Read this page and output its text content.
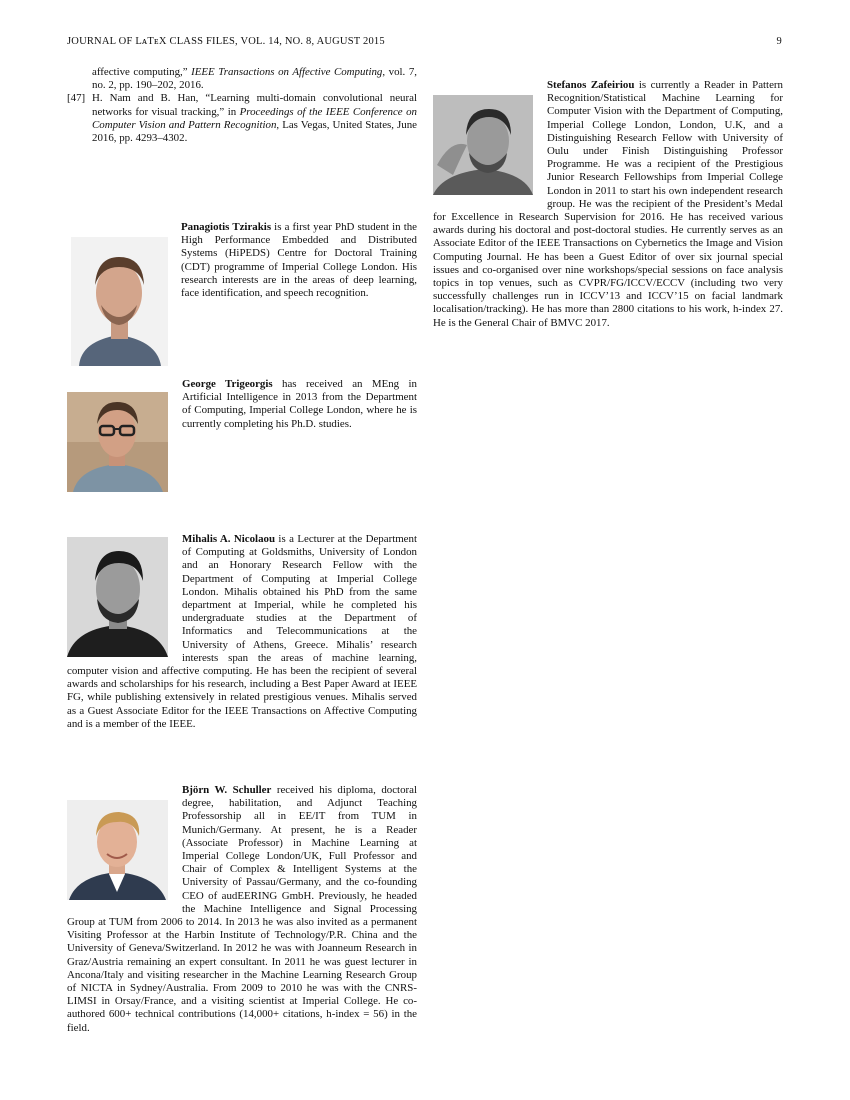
JOURNAL OF LᴀTᴇX CLASS FILES, VOL. 14, NO. 8, AUGUST 2015	9
affective computing,” IEEE Transactions on Affective Computing, vol. 7, no. 2, pp. 190–202, 2016.
[47] H. Nam and B. Han, “Learning multi-domain convolutional neural networks for visual tracking,” in Proceedings of the IEEE Conference on Computer Vision and Pattern Recognition, Las Vegas, United States, June 2016, pp. 4293–4302.

Panagiotis Tzirakis is a first year PhD student in the High Performance Embedded and Distributed Systems (HiPEDS) Centre for Doctoral Training (CDT) programme of Imperial College London. His research interests are in the areas of deep learning, face identification, and speech recognition.

George Trigeorgis has received an MEng in Artificial Intelligence in 2013 from the Department of Computing, Imperial College London, where he is currently completing his Ph.D. studies.

Mihalis A. Nicolaou is a Lecturer at the Department of Computing at Goldsmiths, University of London and an Honorary Research Fellow with the Department of Computing at Imperial College London. Mihalis obtained his PhD from the same department at Imperial, while he completed his undergraduate studies at the Department of Informatics and Telecommunications at the University of Athens, Greece. Mihalis’ research interests span the areas of machine learning, computer vision and affective computing. He has been the recipient of several awards and scholarships for his research, including a Best Paper Award at IEEE FG, while publishing extensively in related prestigious venues. Mihalis served as a Guest Associate Editor for the IEEE Transactions on Affective Computing and is a member of the IEEE.

Björn W. Schuller received his diploma, doctoral degree, habilitation, and Adjunct Teaching Professorship all in EE/IT from TUM in Munich/Germany. At present, he is a Reader (Associate Professor) in Machine Learning at Imperial College London/UK, Full Professor and Chair of Complex & Intelligent Systems at the University of Passau/Germany, and the co-founding CEO of audEERING GmbH. Previously, he headed the Machine Intelligence and Signal Processing Group at TUM from 2006 to 2014. In 2013 he was also invited as a permanent Visiting Professor at the Harbin Institute of Technology/P.R. China and the University of Geneva/Switzerland. In 2012 he was with Joanneum Research in Graz/Austria remaining an expert consultant. In 2011 he was guest lecturer in Ancona/Italy and visiting researcher in the Machine Learning Research Group of NICTA in Sydney/Australia. From 2009 to 2010 he was with the CNRS-LIMSI in Orsay/France, and a visiting scientist at Imperial College. He co-authored 600+ technical contributions (14,000+ citations, h-index = 56) in the field.

Stefanos Zafeiriou is currently a Reader in Pattern Recognition/Statistical Machine Learning for Computer Vision with the Department of Computing, Imperial College London, London, U.K, and a Distinguishing Research Fellow with University of Oulu under Finish Distinguishing Professor Programme. He was a recipient of the Prestigious Junior Research Fellowships from Imperial College London in 2011 to start his own independent research group. He was the recipient of the President’s Medal for Excellence in Research Supervision for 2016. He has received various awards during his doctoral and post-doctoral studies. He currently serves as an Associate Editor of the IEEE Transactions on Cybernetics the Image and Vision Computing Journal. He has been a Guest Editor of over six journal special issues and co-organised over nine workshops/special sessions on face analysis topics in top venues, such as CVPR/FG/ICCV/ECCV (including two very successfully challenges run in ICCV’13 and ICCV’15 on facial landmark localisation/tracking). He has more than 2800 citations to his work, h-index 27. He is the General Chair of BMVC 2017.
